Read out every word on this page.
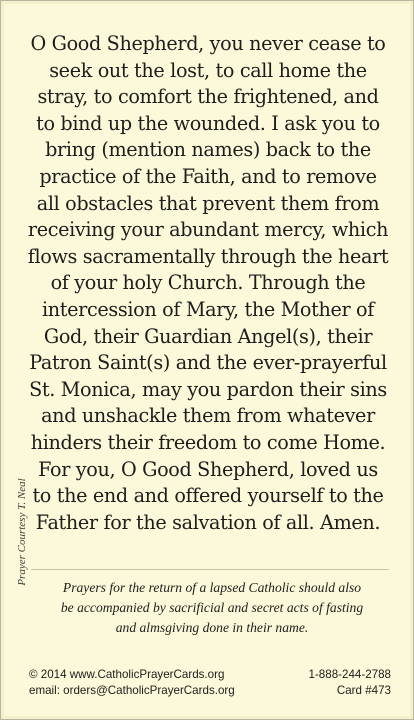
O Good Shepherd, you never cease to
seek out the lost, to call home the
stray, to comfort the frightened, and
to bind up the wounded. I ask you to
bring (mention names) back to the
practice of the Faith, and to remove
all obstacles that prevent them from
receiving your abundant mercy, which
flows sacramentally through the heart
of your holy Church. Through the
intercession of Mary, the Mother of
God, their Guardian Angel(s), their
Patron Saint(s) and the ever-prayerful
St. Monica, may you pardon their sins
and unshackle them from whatever
hinders their freedom to come Home.
For you, O Good Shepherd, loved us
to the end and offered yourself to the
Father for the salvation of all. Amen.
Prayer Courtesy T. Neal
Prayers for the return of a lapsed Catholic should also
be accompanied by sacrificial and secret acts of fasting
and almsgiving done in their name.
© 2014 www.CatholicPrayerCards.org	1-888-244-2788
email: orders@CatholicPrayerCards.org	Card #473
